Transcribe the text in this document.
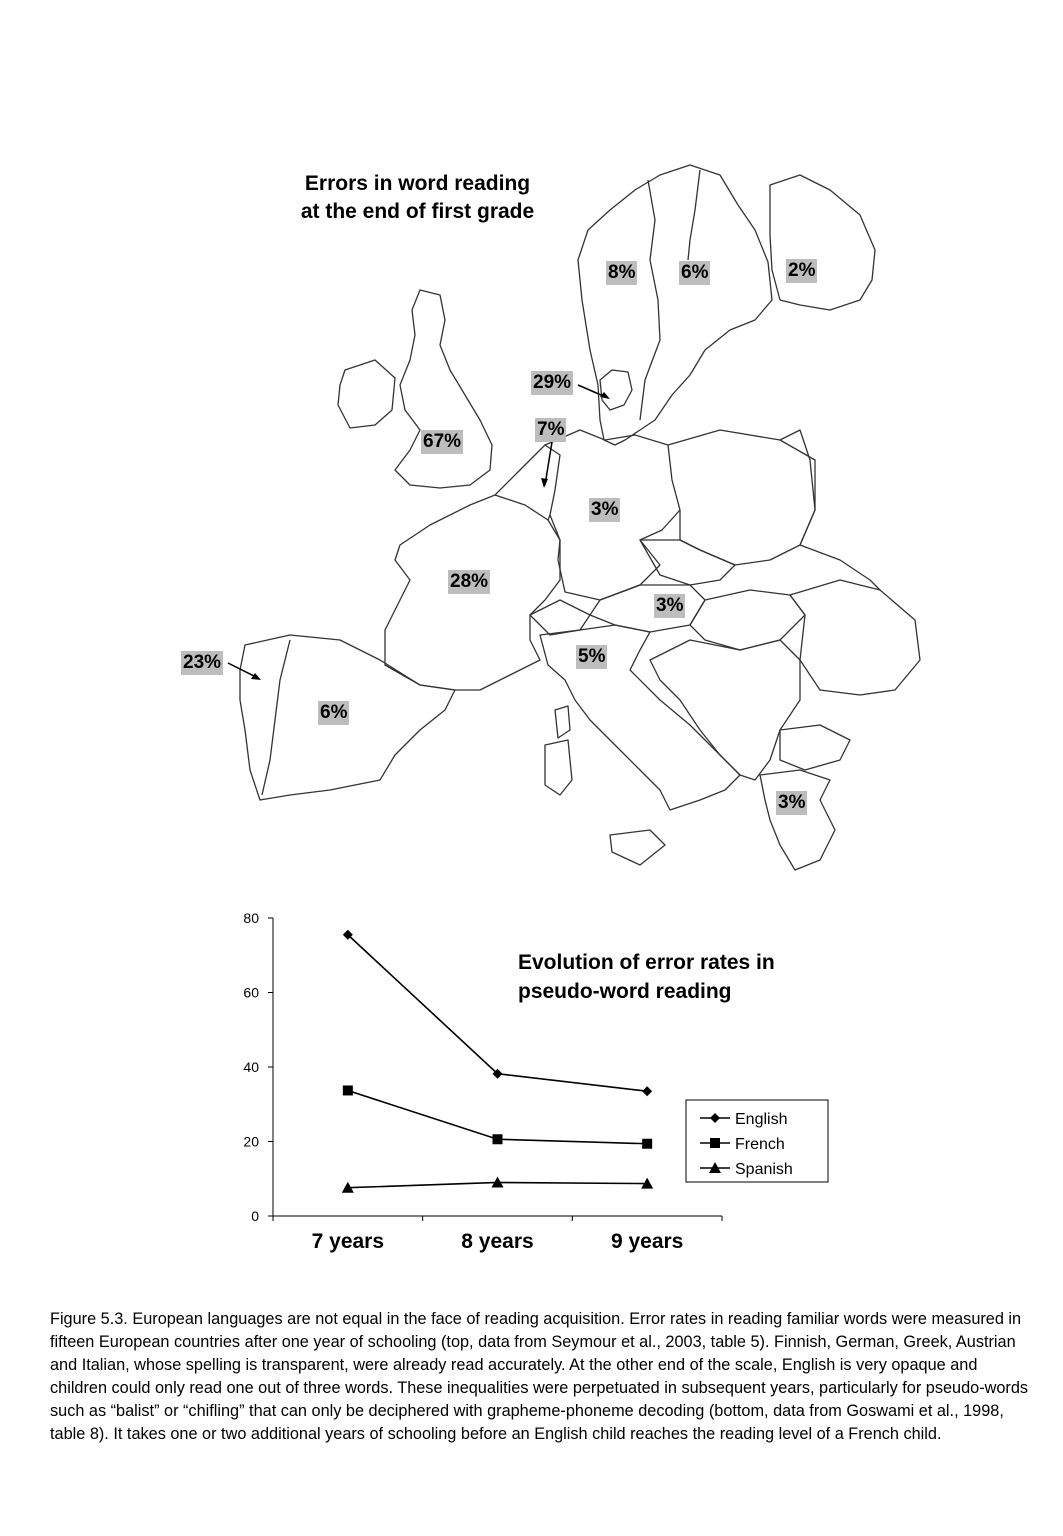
Errors in word reading
at the end of first grade
8% 6%	2%
29%
7%
67%
3%
28%
3%
5%
23%
6%
3%
0
20
40
60
80
7 years	8 years	9 years
English
French
Spanish
Evolution of error rates in
pseudo-word reading
Figure 5.3. European languages are not equal in the face of reading acquisition. Error rates in reading familiar words were measured in fifteen European countries after one year of schooling (top, data from Seymour et al., 2003, table 5). Finnish, German, Greek, Austrian and Italian, whose spelling is transparent, were already read accurately. At the other end of the scale, English is very opaque and children could only read one out of three words. These inequalities were perpetuated in subsequent years, particularly for pseudo-words such as “balist” or “chifling” that can only be deciphered with grapheme-phoneme decoding (bottom, data from Goswami et al., 1998, table 8). It takes one or two additional years of schooling before an English child reaches the reading level of a French child.
